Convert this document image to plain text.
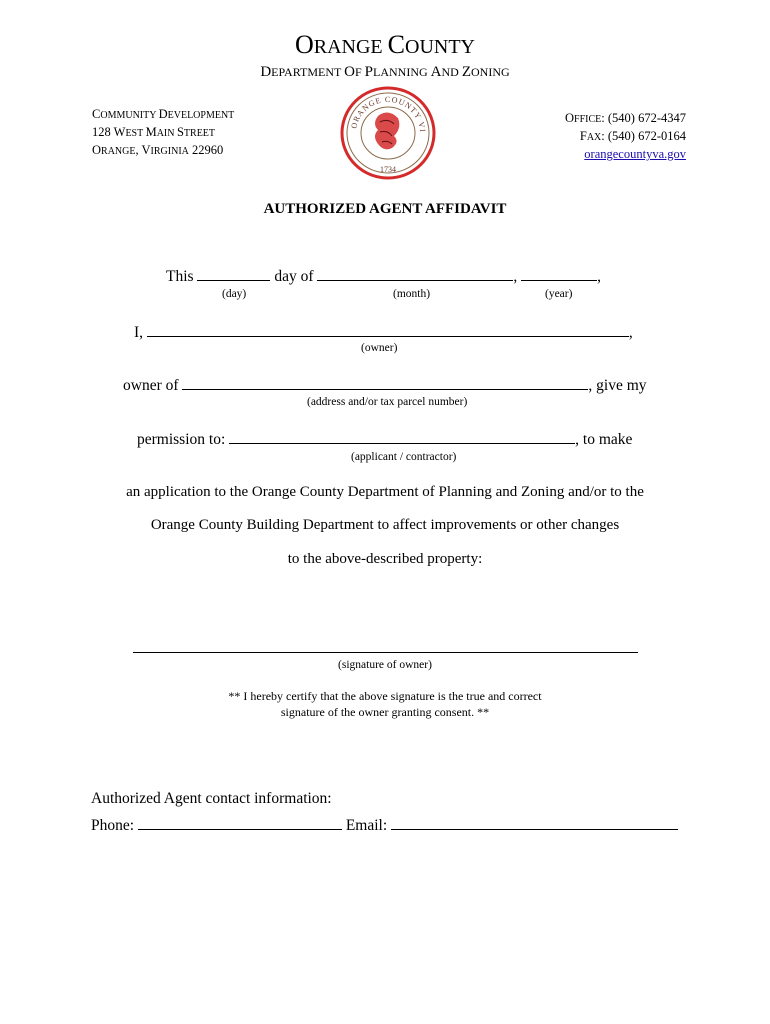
ORANGE COUNTY
DEPARTMENT OF PLANNING AND ZONING
COMMUNITY DEVELOPMENT
128 WEST MAIN STREET
ORANGE, VIRGINIA 22960
ORANGE COUNTY VI
1734
OFFICE: (540) 672-4347
FAX: (540) 672-0164
orangecountyva.gov
AUTHORIZED AGENT AFFIDAVIT
This	day of	,	,
(day)	(month)	(year)
I,	,
(owner)
owner of	, give my
(address and/or tax parcel number)
permission to:	, to make
(applicant / contractor)
an application to the Orange County Department of Planning and Zoning and/or to the
Orange County Building Department to affect improvements or other changes
to the above-described property:
(signature of owner)
** I hereby certify that the above signature is the true and correct
signature of the owner granting consent. **
Authorized Agent contact information:
Phone:	Email:
